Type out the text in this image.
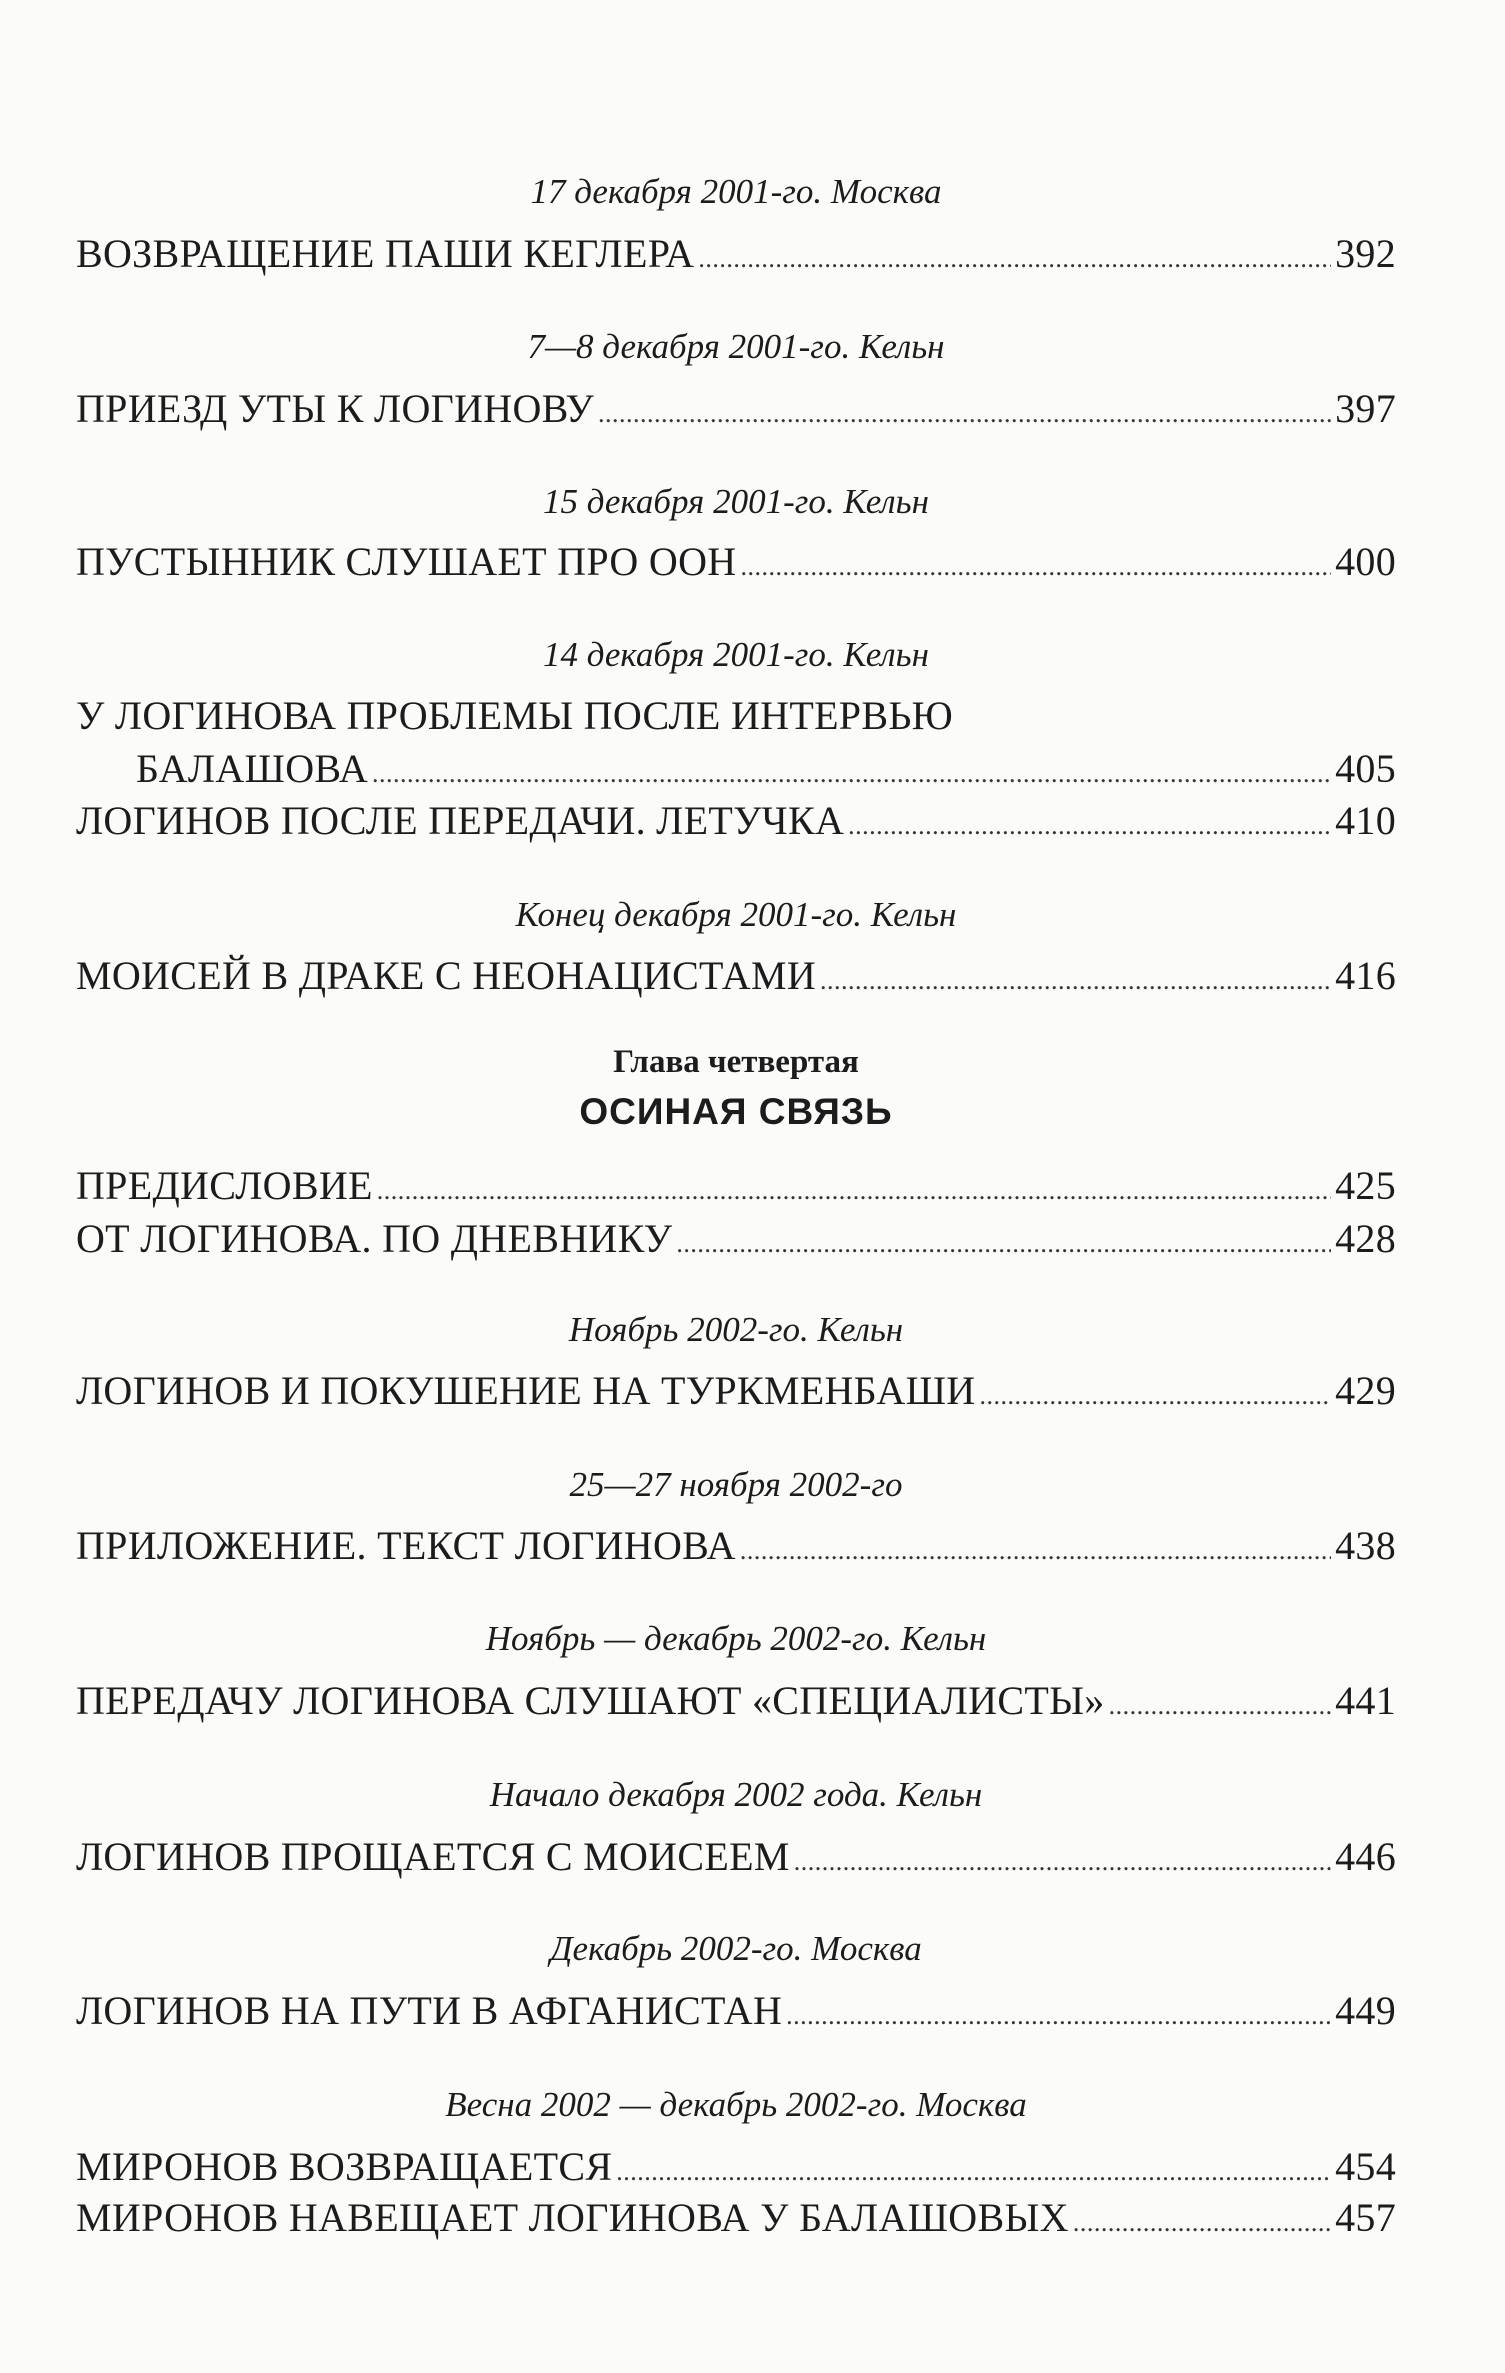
17 декабря 2001-го. Москва
ВОЗВРАЩЕНИЕ ПАШИ КЕГЛЕРА . . .	392
7—8 декабря 2001-го. Кельн
ПРИЕЗД УТЫ К ЛОГИНОВУ . . .	397
15 декабря 2001-го. Кельн
ПУСТЫННИК СЛУШАЕТ ПРО ООН . . .	400
14 декабря 2001-го. Кельн
У ЛОГИНОВА ПРОБЛЕМЫ ПОСЛЕ ИНТЕРВЬЮ
БАЛАШОВА . . .	405
ЛОГИНОВ ПОСЛЕ ПЕРЕДАЧИ. ЛЕТУЧКА . . .	410
Конец декабря 2001-го. Кельн
МОИСЕЙ В ДРАКЕ С НЕОНАЦИСТАМИ . . .	416
Глава четвертая
ОСИНАЯ СВЯЗЬ
ПРЕДИСЛОВИЕ . . .	425
ОТ ЛОГИНОВА. ПО ДНЕВНИКУ . . .	428
Ноябрь 2002-го. Кельн
ЛОГИНОВ И ПОКУШЕНИЕ НА ТУРКМЕНБАШИ . . .	429
25—27 ноября 2002-го
ПРИЛОЖЕНИЕ. ТЕКСТ ЛОГИНОВА . . .	438
Ноябрь — декабрь 2002-го. Кельн
ПЕРЕДАЧУ ЛОГИНОВА СЛУШАЮТ «СПЕЦИАЛИСТЫ» . . .	441
Начало декабря 2002 года. Кельн
ЛОГИНОВ ПРОЩАЕТСЯ С МОИСЕЕМ . . .	446
Декабрь 2002-го. Москва
ЛОГИНОВ НА ПУТИ В АФГАНИСТАН . . .	449
Весна 2002 — декабрь 2002-го. Москва
МИРОНОВ ВОЗВРАЩАЕТСЯ . . .	454
МИРОНОВ НАВЕЩАЕТ ЛОГИНОВА У БАЛАШОВЫХ . . .	457
